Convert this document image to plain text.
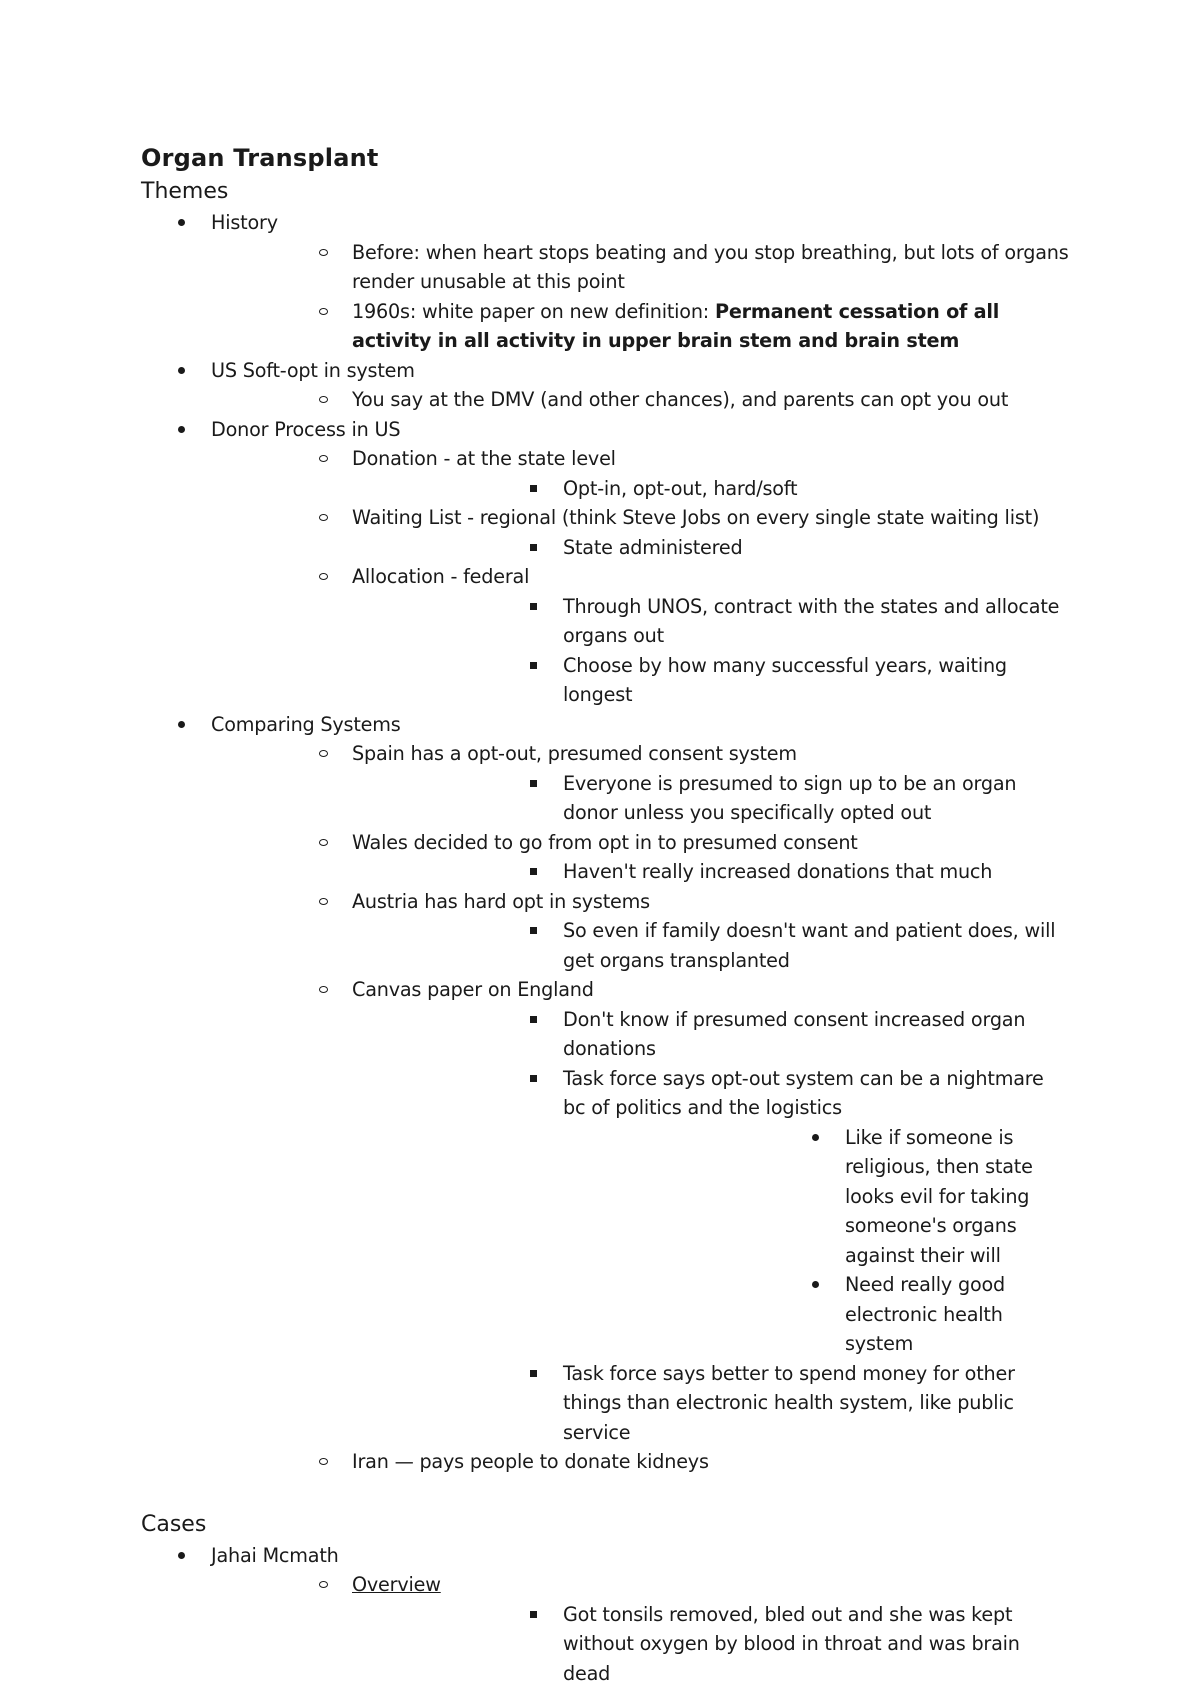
Organ Transplant
Themes
History
Before: when heart stops beating and you stop breathing, but lots of organs render unusable at this point
1960s: white paper on new definition: Permanent cessation of all activity in all activity in upper brain stem and brain stem
US Soft-opt in system
You say at the DMV (and other chances), and parents can opt you out
Donor Process in US
Donation - at the state level
Opt-in, opt-out, hard/soft
Waiting List - regional (think Steve Jobs on every single state waiting list)
State administered
Allocation - federal
Through UNOS, contract with the states and allocate organs out
Choose by how many successful years, waiting longest
Comparing Systems
Spain has a opt-out, presumed consent system
Everyone is presumed to sign up to be an organ donor unless you specifically opted out
Wales decided to go from opt in to presumed consent
Haven't really increased donations that much
Austria has hard opt in systems
So even if family doesn't want and patient does, will get organs transplanted
Canvas paper on England
Don't know if presumed consent increased organ donations
Task force says opt-out system can be a nightmare bc of politics and the logistics
Like if someone is religious, then state looks evil for taking someone's organs against their will
Need really good electronic health system
Task force says better to spend money for other things than electronic health system, like public service
Iran — pays people to donate kidneys
Cases
Jahai Mcmath
Overview
Got tonsils removed, bled out and she was kept without oxygen by blood in throat and was brain dead
